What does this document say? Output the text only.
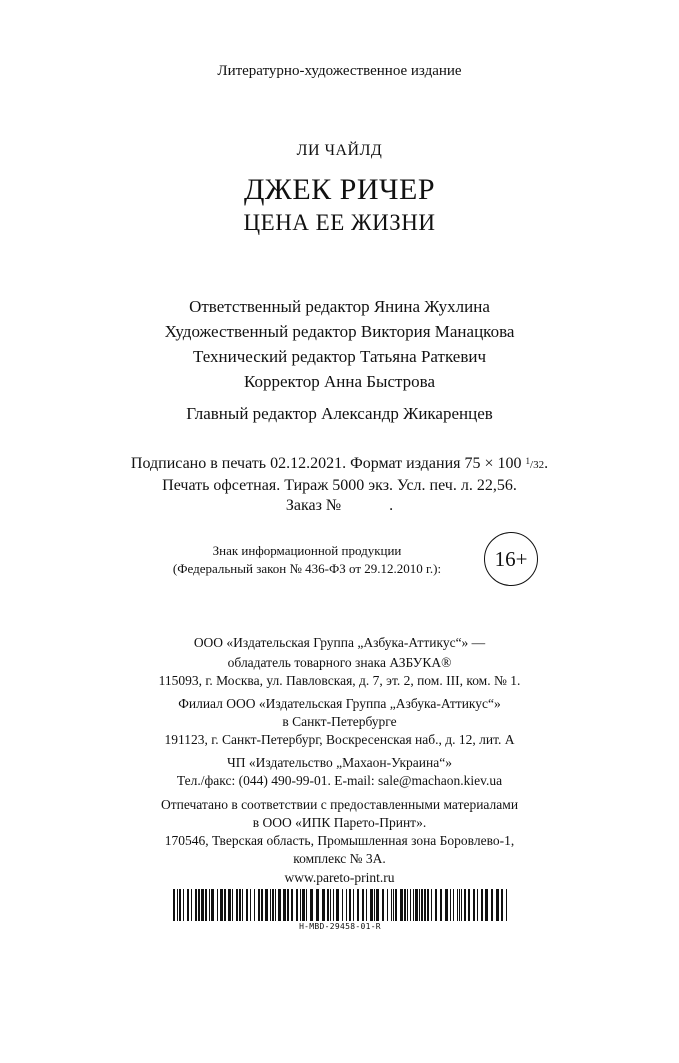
Литературно-художественное издание
ЛИ ЧАЙЛД
ДЖЕК РИЧЕР
ЦЕНА ЕЕ ЖИЗНИ
Ответственный редактор Янина Жухлина
Художественный редактор Виктория Манацкова
Технический редактор Татьяна Раткевич
Корректор Анна Быстрова
Главный редактор Александр Жикаренцев
Подписано в печать 02.12.2021. Формат издания 75 × 100 $^1$/32.
Печать офсетная. Тираж 5000 экз. Усл. печ. л. 22,56.
Заказ №            .
Знак информационной продукции
(Федеральный закон № 436-ФЗ от 29.12.2010 г.):	16+
ООО «Издательская Группа „Азбука-Аттикус“» —
обладатель товарного знака АЗБУКА®
115093, г. Москва, ул. Павловская, д. 7, эт. 2, пом. III, ком. № 1.
Филиал ООО «Издательская Группа „Азбука-Аттикус“»
в Санкт-Петербурге
191123, г. Санкт-Петербург, Воскресенская наб., д. 12, лит. А
ЧП «Издательство „Махаон-Украина“»
Тел./факс: (044) 490-99-01. E-mail: sale@machaon.kiev.ua
Отпечатано в соответствии с предоставленными материалами
в ООО «ИПК Парето-Принт».
170546, Тверская область, Промышленная зона Боровлево-1,
комплекс № 3А.
www.pareto-print.ru
Н-MBD-29458-01-R
